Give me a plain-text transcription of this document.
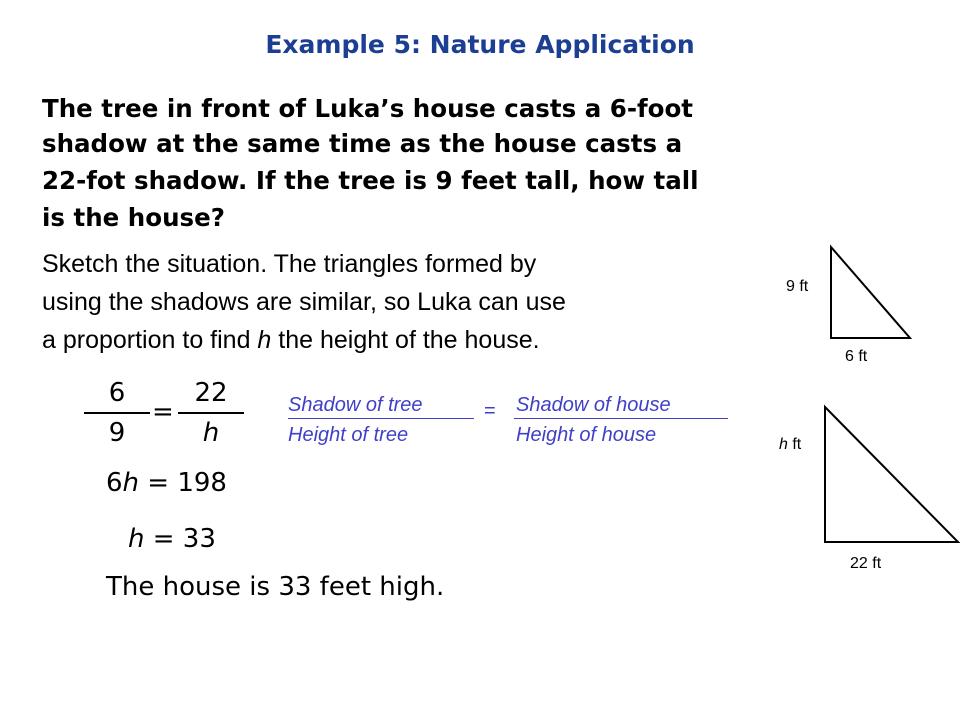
Example 5: Nature Application
The tree in front of Luka’s house casts a 6-foot
shadow at the same time as the house casts a
22-fot shadow. If the tree is 9 feet tall, how tall
is the house?
Sketch the situation. The triangles formed by
using the shadows are similar, so Luka can use
a proportion to find h the height of the house.
6
9
=
22
h
Shadow of tree
Height of tree
= Shadow of house
Height of house
6h = 198
h = 33
The house is 33 feet high.
9 ft
6 ft
h ft
22 ft
